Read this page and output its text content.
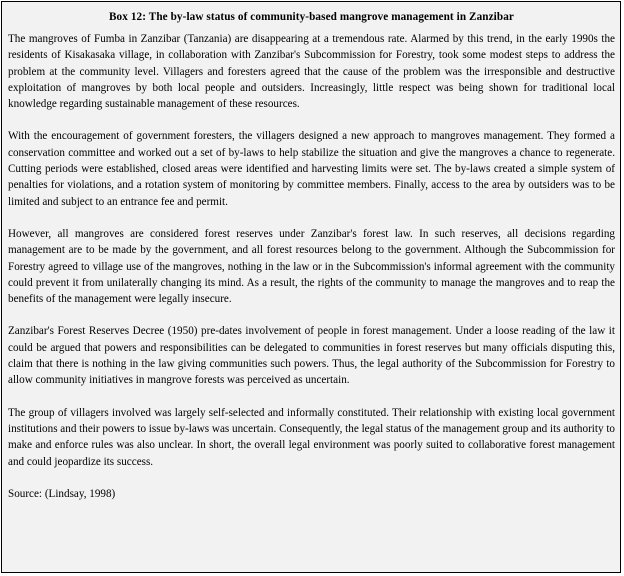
Box 12: The by-law status of community-based mangrove management in Zanzibar

The mangroves of Fumba in Zanzibar (Tanzania) are disappearing at a tremendous rate. Alarmed by this trend, in the early 1990s the residents of Kisakasaka village, in collaboration with Zanzibar's Subcommission for Forestry, took some modest steps to address the problem at the community level. Villagers and foresters agreed that the cause of the problem was the irresponsible and destructive exploitation of mangroves by both local people and outsiders. Increasingly, little respect was being shown for traditional local knowledge regarding sustainable management of these resources.

With the encouragement of government foresters, the villagers designed a new approach to mangroves management. They formed a conservation committee and worked out a set of by-laws to help stabilize the situation and give the mangroves a chance to regenerate. Cutting periods were established, closed areas were identified and harvesting limits were set. The by-laws created a simple system of penalties for violations, and a rotation system of monitoring by committee members. Finally, access to the area by outsiders was to be limited and subject to an entrance fee and permit.

However, all mangroves are considered forest reserves under Zanzibar's forest law. In such reserves, all decisions regarding management are to be made by the government, and all forest resources belong to the government. Although the Subcommission for Forestry agreed to village use of the mangroves, nothing in the law or in the Subcommission's informal agreement with the community could prevent it from unilaterally changing its mind. As a result, the rights of the community to manage the mangroves and to reap the benefits of the management were legally insecure.

Zanzibar's Forest Reserves Decree (1950) pre-dates involvement of people in forest management. Under a loose reading of the law it could be argued that powers and responsibilities can be delegated to communities in forest reserves but many officials disputing this, claim that there is nothing in the law giving communities such powers. Thus, the legal authority of the Subcommission for Forestry to allow community initiatives in mangrove forests was perceived as uncertain.

The group of villagers involved was largely self-selected and informally constituted. Their relationship with existing local government institutions and their powers to issue by-laws was uncertain. Consequently, the legal status of the management group and its authority to make and enforce rules was also unclear. In short, the overall legal environment was poorly suited to collaborative forest management and could jeopardize its success.

Source: (Lindsay, 1998)
